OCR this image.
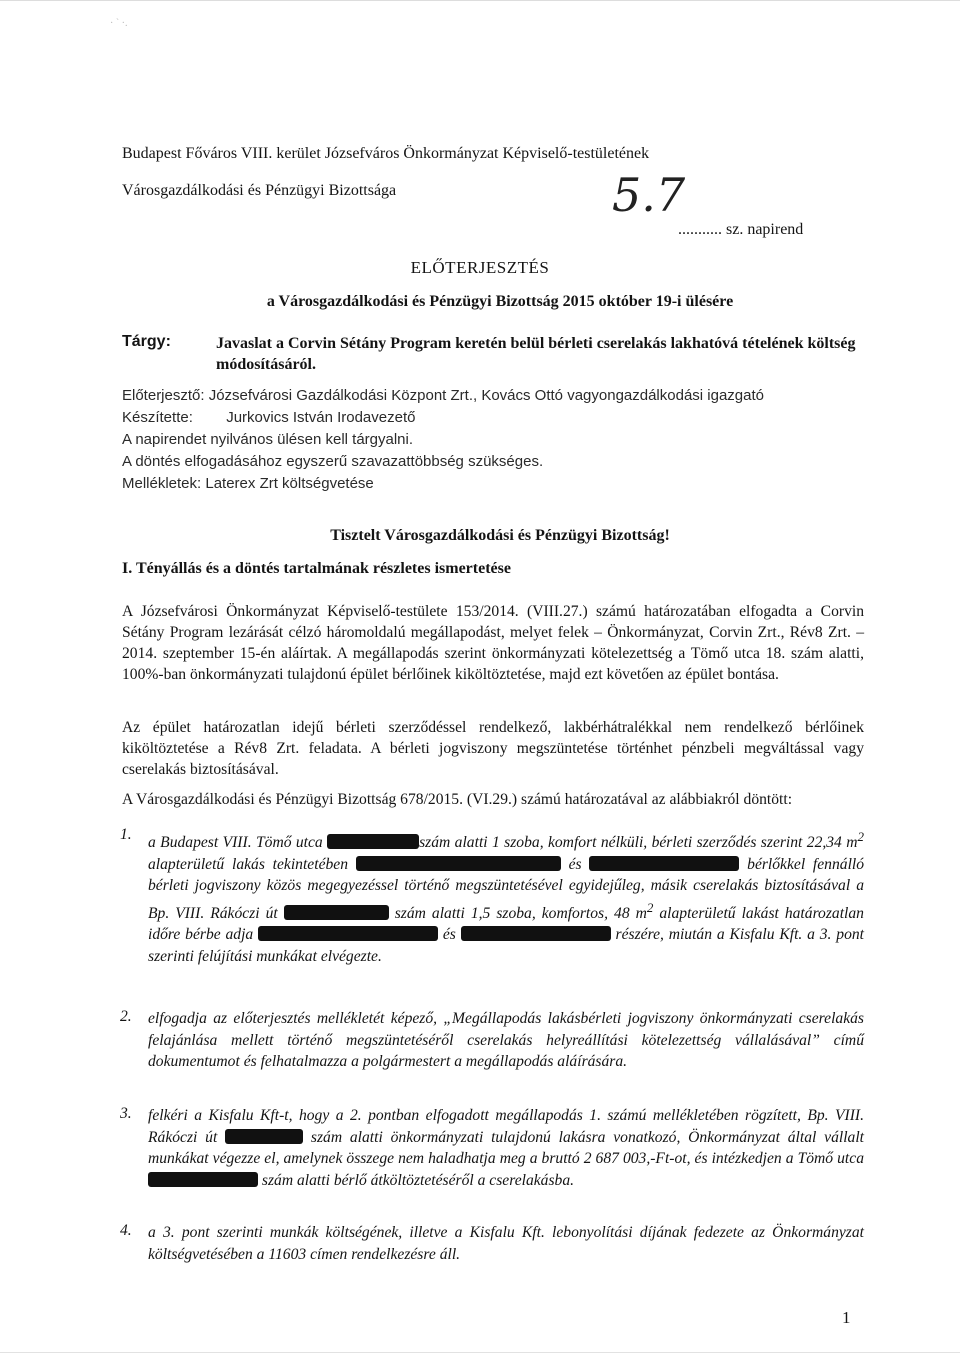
· ` ·.
Budapest Főváros VIII. kerület Józsefváros Önkormányzat Képviselő-testületének
Városgazdálkodási és Pénzügyi Bizottsága	5.7
........... sz. napirend
ELŐTERJESZTÉS
a Városgazdálkodási és Pénzügyi Bizottság 2015 október 19-i ülésére
Tárgy:	Javaslat a Corvin Sétány Program keretén belül bérleti cserelakás lakhatóvá tételének költség módosításáról.
Előterjesztő: Józsefvárosi Gazdálkodási Központ Zrt., Kovács Ottó vagyongazdálkodási igazgató
Készítette:        Jurkovics István Irodavezető
A napirendet nyilvános ülésen kell tárgyalni.
A döntés elfogadásához egyszerű szavazattöbbség szükséges.
Mellékletek: Laterex Zrt költségvetése
Tisztelt Városgazdálkodási és Pénzügyi Bizottság!
I. Tényállás és a döntés tartalmának részletes ismertetése
A Józsefvárosi Önkormányzat Képviselő-testülete 153/2014. (VIII.27.) számú határozatában elfogadta a Corvin Sétány Program lezárását célzó háromoldalú megállapodást, melyet felek – Önkormányzat, Corvin Zrt., Rév8 Zrt. – 2014. szeptember 15-én aláírtak. A megállapodás szerint önkormányzati kötelezettség a Tömő utca 18. szám alatti, 100%-ban önkormányzati tulajdonú épület bérlőinek kiköltöztetése, majd ezt követően az épület bontása.
Az épület határozatlan idejű bérleti szerződéssel rendelkező, lakbérhátralékkal nem rendelkező bérlőinek kiköltöztetése a Rév8 Zrt. feladata. A bérleti jogviszony megszüntetése történhet pénzbeli megváltással vagy cserelakás biztosításával.
A Városgazdálkodási és Pénzügyi Bizottság 678/2015. (VI.29.) számú határozatával az alábbiakról döntött:
1. a Budapest VIII. Tömő utca	szám alatti 1 szoba, komfort nélküli, bérleti szerződés szerint 22,34 $m^2$ alapterületű lakás tekintetében	és	bérlőkkel fennálló bérleti jogviszony közös megegyezéssel történő megszüntetésével egyidejűleg, másik cserelakás biztosításával a Bp. VIII. Rákóczi út	szám alatti 1,5 szoba, komfortos, 48 $m^2$ alapterületű lakást határozatlan időre bérbe adja	és	részére, miután a Kisfalu Kft. a 3. pont szerinti felújítási munkákat elvégezte.
2. elfogadja az előterjesztés mellékletét képező, „Megállapodás lakásbérleti jogviszony önkormányzati cserelakás felajánlása mellett történő megszüntetéséről cserelakás helyreállítási kötelezettség vállalásával” című dokumentumot és felhatalmazza a polgármestert a megállapodás aláírására.
3. felkéri a Kisfalu Kft-t, hogy a 2. pontban elfogadott megállapodás 1. számú mellékletében rögzített, Bp. VIII. Rákóczi út	szám alatti önkormányzati tulajdonú lakásra vonatkozó, Önkormányzat által vállalt munkákat végezze el, amelynek összege nem haladhatja meg a bruttó 2 687 003,-Ft-ot, és intézkedjen a Tömő utca  szám alatti bérlő átköltöztetéséről a cserelakásba.
4. a 3. pont szerinti munkák költségének, illetve a Kisfalu Kft. lebonyolítási díjának fedezete az Önkormányzat költségvetésében a 11603 címen rendelkezésre áll.
1
